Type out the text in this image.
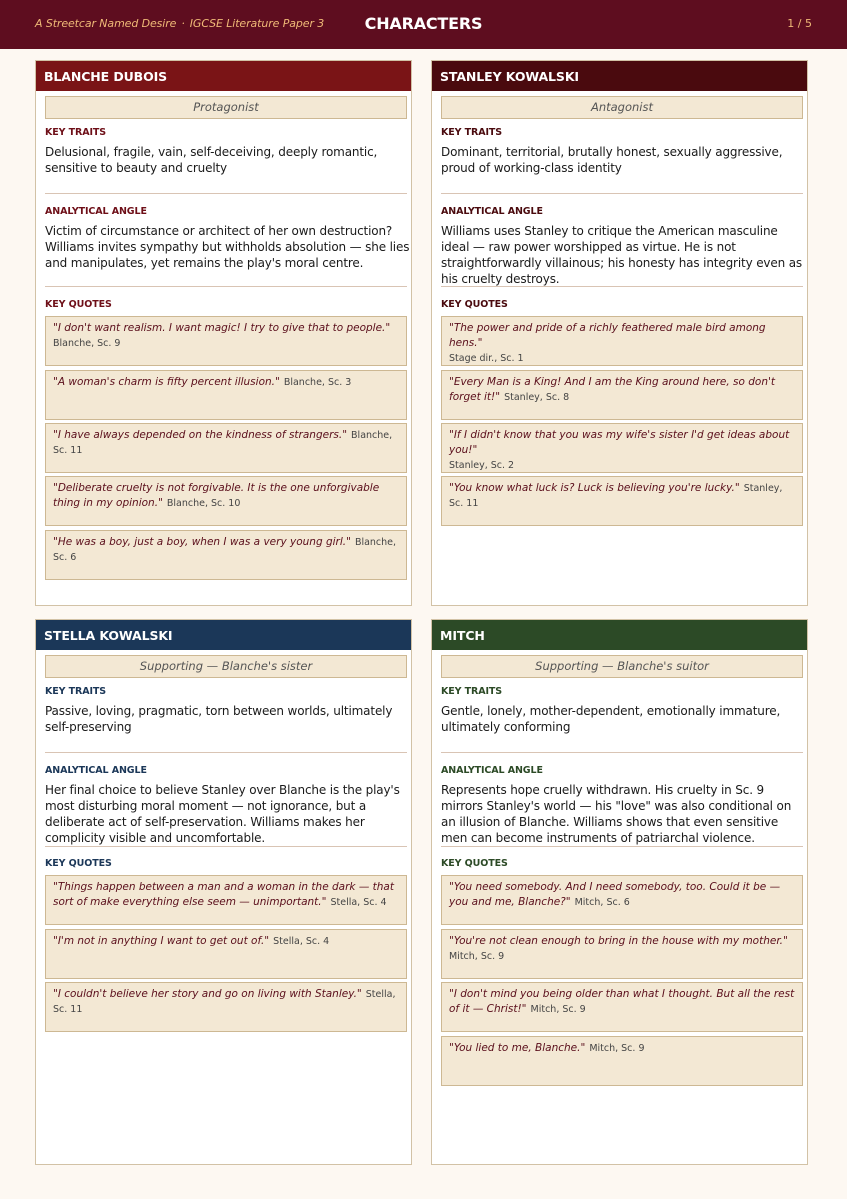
A Streetcar Named Desire · IGCSE Literature Paper 3	CHARACTERS	1 / 5
BLANCHE DUBOIS
Protagonist
KEY TRAITS
Delusional, fragile, vain, self-deceiving, deeply romantic, sensitive to beauty and cruelty
ANALYTICAL ANGLE
Victim of circumstance or architect of her own destruction? Williams invites sympathy but withholds absolution — she lies and manipulates, yet remains the play's moral centre.
KEY QUOTES
"I don't want realism. I want magic! I try to give that to people."
Blanche, Sc. 9
"A woman's charm is fifty percent illusion." Blanche, Sc. 3
"I have always depended on the kindness of strangers." Blanche, Sc. 11
"Deliberate cruelty is not forgivable. It is the one unforgivable thing in my opinion." Blanche, Sc. 10
"He was a boy, just a boy, when I was a very young girl." Blanche, Sc. 6
STANLEY KOWALSKI
Antagonist
KEY TRAITS
Dominant, territorial, brutally honest, sexually aggressive, proud of working-class identity
ANALYTICAL ANGLE
Williams uses Stanley to critique the American masculine ideal — raw power worshipped as virtue. He is not straightforwardly villainous; his honesty has integrity even as his cruelty destroys.
KEY QUOTES
"The power and pride of a richly feathered male bird among hens."
Stage dir., Sc. 1
"Every Man is a King! And I am the King around here, so don't forget it!" Stanley, Sc. 8
"If I didn't know that you was my wife's sister I'd get ideas about you!"
Stanley, Sc. 2
"You know what luck is? Luck is believing you're lucky." Stanley, Sc. 11
STELLA KOWALSKI
Supporting — Blanche's sister
KEY TRAITS
Passive, loving, pragmatic, torn between worlds, ultimately self-preserving
ANALYTICAL ANGLE
Her final choice to believe Stanley over Blanche is the play's most disturbing moral moment — not ignorance, but a deliberate act of self-preservation. Williams makes her complicity visible and uncomfortable.
KEY QUOTES
"Things happen between a man and a woman in the dark — that sort of make everything else seem — unimportant." Stella, Sc. 4
"I'm not in anything I want to get out of." Stella, Sc. 4
"I couldn't believe her story and go on living with Stanley." Stella, Sc. 11
MITCH
Supporting — Blanche's suitor
KEY TRAITS
Gentle, lonely, mother-dependent, emotionally immature, ultimately conforming
ANALYTICAL ANGLE
Represents hope cruelly withdrawn. His cruelty in Sc. 9 mirrors Stanley's world — his "love" was also conditional on an illusion of Blanche. Williams shows that even sensitive men can become instruments of patriarchal violence.
KEY QUOTES
"You need somebody. And I need somebody, too. Could it be — you and me, Blanche?" Mitch, Sc. 6
"You're not clean enough to bring in the house with my mother."
Mitch, Sc. 9
"I don't mind you being older than what I thought. But all the rest of it — Christ!" Mitch, Sc. 9
"You lied to me, Blanche." Mitch, Sc. 9
